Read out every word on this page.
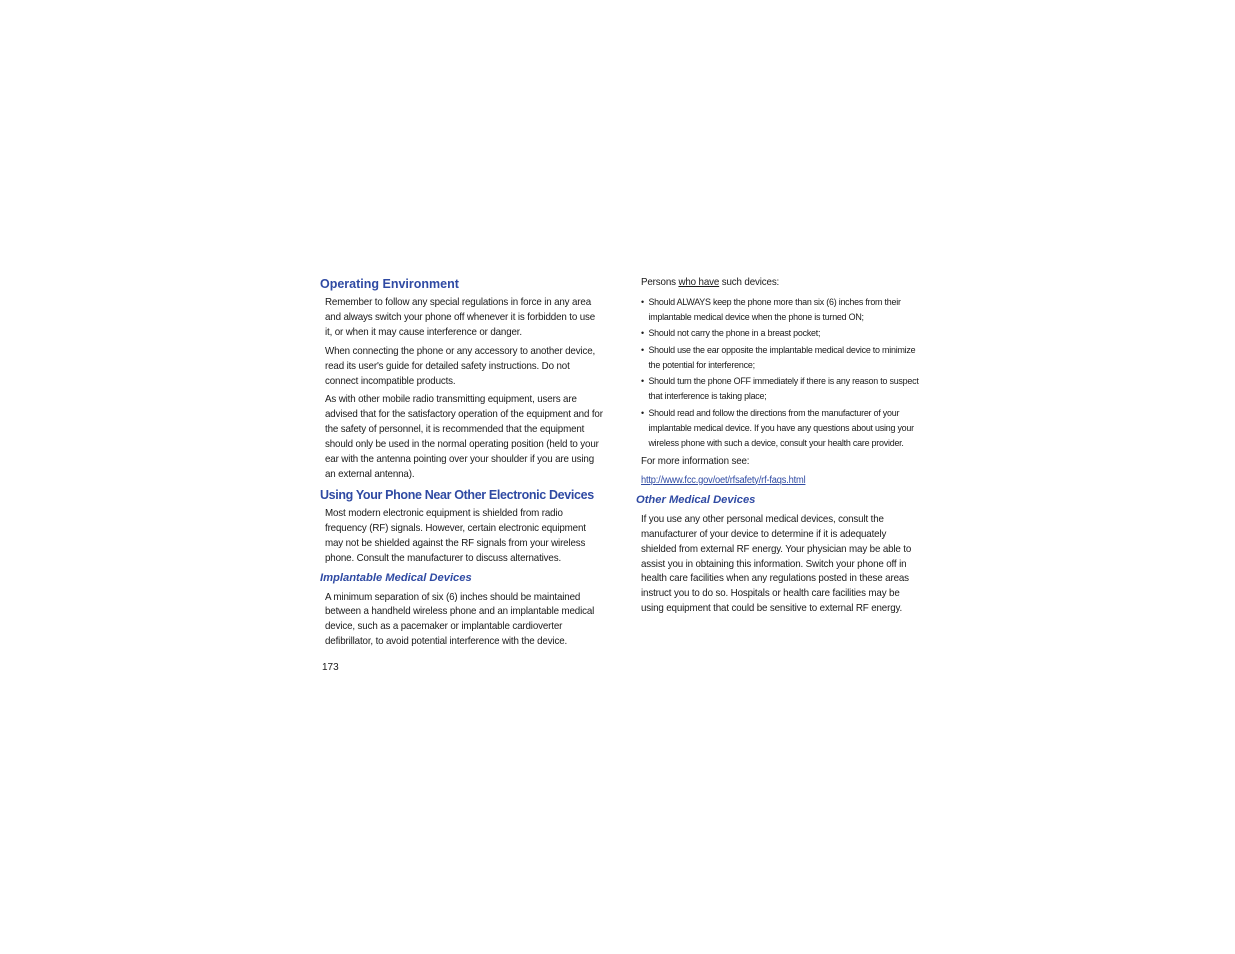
Operating Environment

Remember to follow any special regulations in force in any area and always switch your phone off whenever it is forbidden to use it, or when it may cause interference or danger.

When connecting the phone or any accessory to another device, read its user's guide for detailed safety instructions. Do not connect incompatible products.

As with other mobile radio transmitting equipment, users are advised that for the satisfactory operation of the equipment and for the safety of personnel, it is recommended that the equipment should only be used in the normal operating position (held to your ear with the antenna pointing over your shoulder if you are using an external antenna).

Using Your Phone Near Other Electronic Devices

Most modern electronic equipment is shielded from radio frequency (RF) signals. However, certain electronic equipment may not be shielded against the RF signals from your wireless phone. Consult the manufacturer to discuss alternatives.

Implantable Medical Devices

A minimum separation of six (6) inches should be maintained between a handheld wireless phone and an implantable medical device, such as a pacemaker or implantable cardioverter defibrillator, to avoid potential interference with the device.

Persons who have such devices:

• Should ALWAYS keep the phone more than six (6) inches from their implantable medical device when the phone is turned ON;
• Should not carry the phone in a breast pocket;
• Should use the ear opposite the implantable medical device to minimize the potential for interference;
• Should turn the phone OFF immediately if there is any reason to suspect that interference is taking place;
• Should read and follow the directions from the manufacturer of your implantable medical device. If you have any questions about using your wireless phone with such a device, consult your health care provider.

For more information see:

http://www.fcc.gov/oet/rfsafety/rf-faqs.html
Other Medical Devices

If you use any other personal medical devices, consult the manufacturer of your device to determine if it is adequately shielded from external RF energy. Your physician may be able to assist you in obtaining this information. Switch your phone off in health care facilities when any regulations posted in these areas instruct you to do so. Hospitals or health care facilities may be using equipment that could be sensitive to external RF energy.

173
